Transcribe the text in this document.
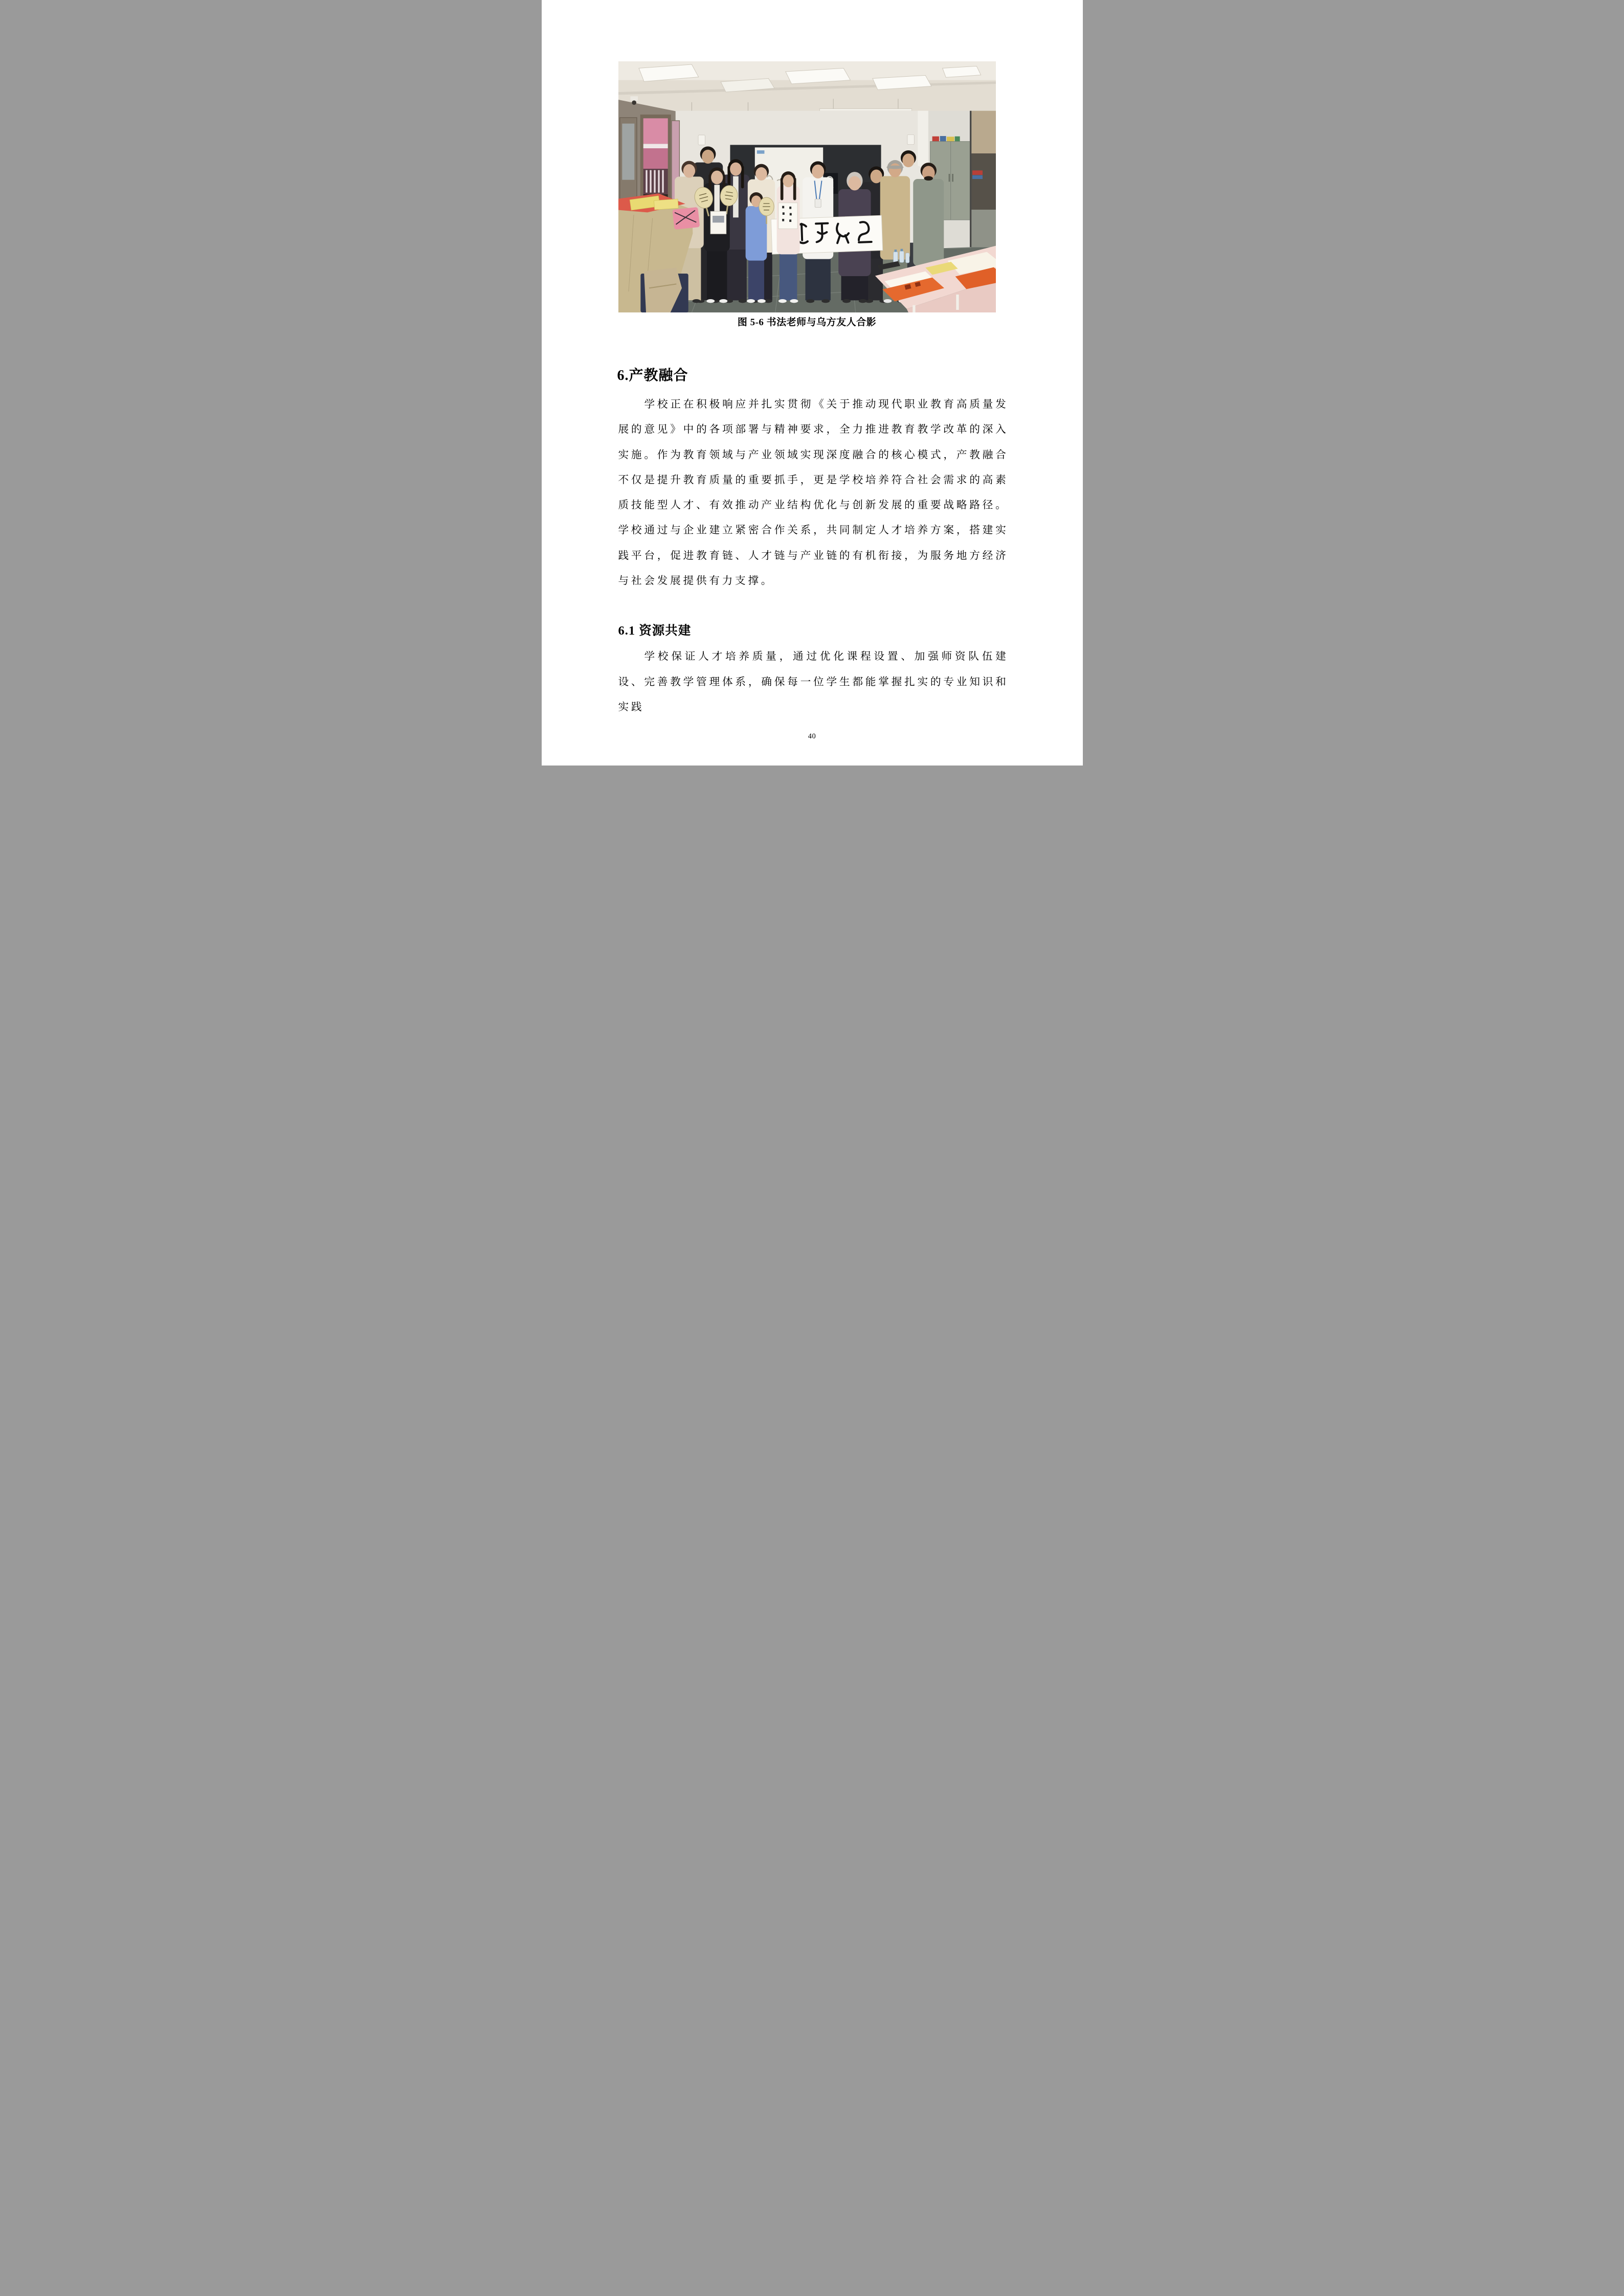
图 5-6 书法老师与乌方友人合影
6.产教融合

学校正在积极响应并扎实贯彻《关于推动现代职业教育高质量发展的意见》中的各项部署与精神要求，全力推进教育教学改革的深入实施。作为教育领域与产业领域实现深度融合的核心模式，产教融合不仅是提升教育质量的重要抓手，更是学校培养符合社会需求的高素质技能型人才、有效推动产业结构优化与创新发展的重要战略路径。学校通过与企业建立紧密合作关系，共同制定人才培养方案，搭建实践平台，促进教育链、人才链与产业链的有机衔接，为服务地方经济与社会发展提供有力支撑。

6.1 资源共建

学校保证人才培养质量，通过优化课程设置、加强师资队伍建设、完善教学管理体系，确保每一位学生都能掌握扎实的专业知识和实践

40
